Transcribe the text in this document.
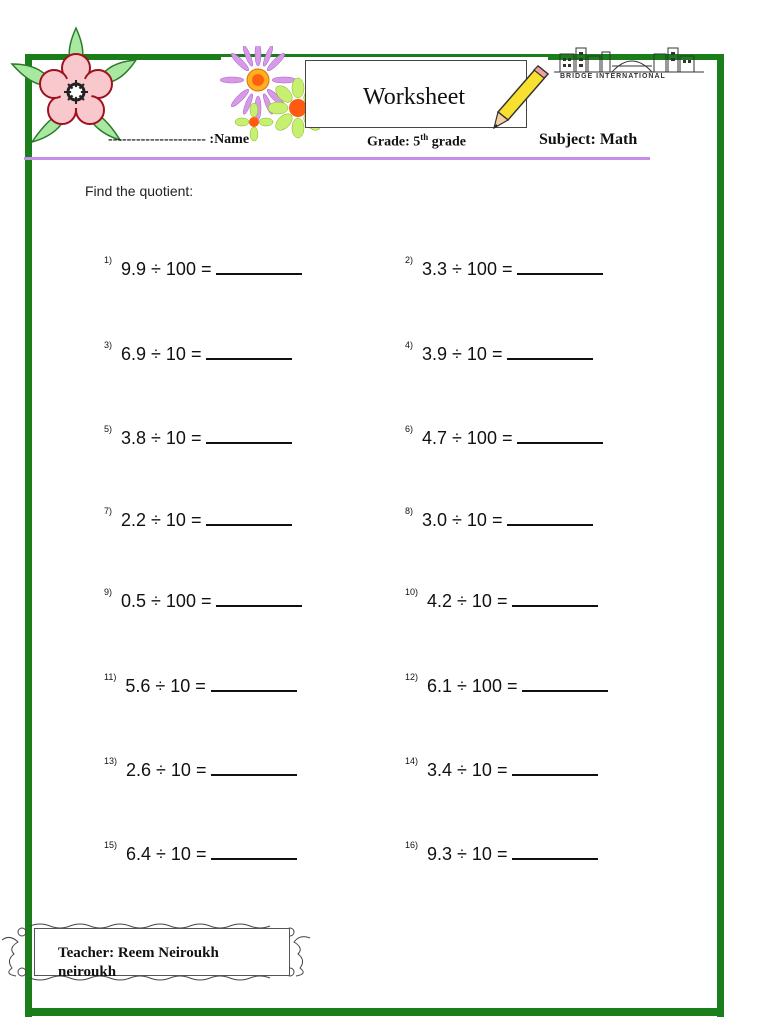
Worksheet
BRIDGE INTERNATIONAL
--------------------- :Name	Grade: 5th grade	Subject: Math
Find the quotient:
$^{1)}$ 9.9 ÷ 100 =	$^{2)}$ 3.3 ÷ 100 =
$^{3)}$ 6.9 ÷ 10 =	$^{4)}$ 3.9 ÷ 10 =
$^{5)}$ 3.8 ÷ 10 =	$^{6)}$ 4.7 ÷ 100 =
$^{7)}$ 2.2 ÷ 10 =	$^{8)}$ 3.0 ÷ 10 =
$^{9)}$ 0.5 ÷ 100 =	$^{10)}$ 4.2 ÷ 10 =
$^{11)}$ 5.6 ÷ 10 =	$^{12)}$ 6.1 ÷ 100 =
$^{13)}$ 2.6 ÷ 10 =	$^{14)}$ 3.4 ÷ 10 =
$^{15)}$ 6.4 ÷ 10 =	$^{16)}$ 9.3 ÷ 10 =
Teacher: Reem Neiroukh
neiroukh
